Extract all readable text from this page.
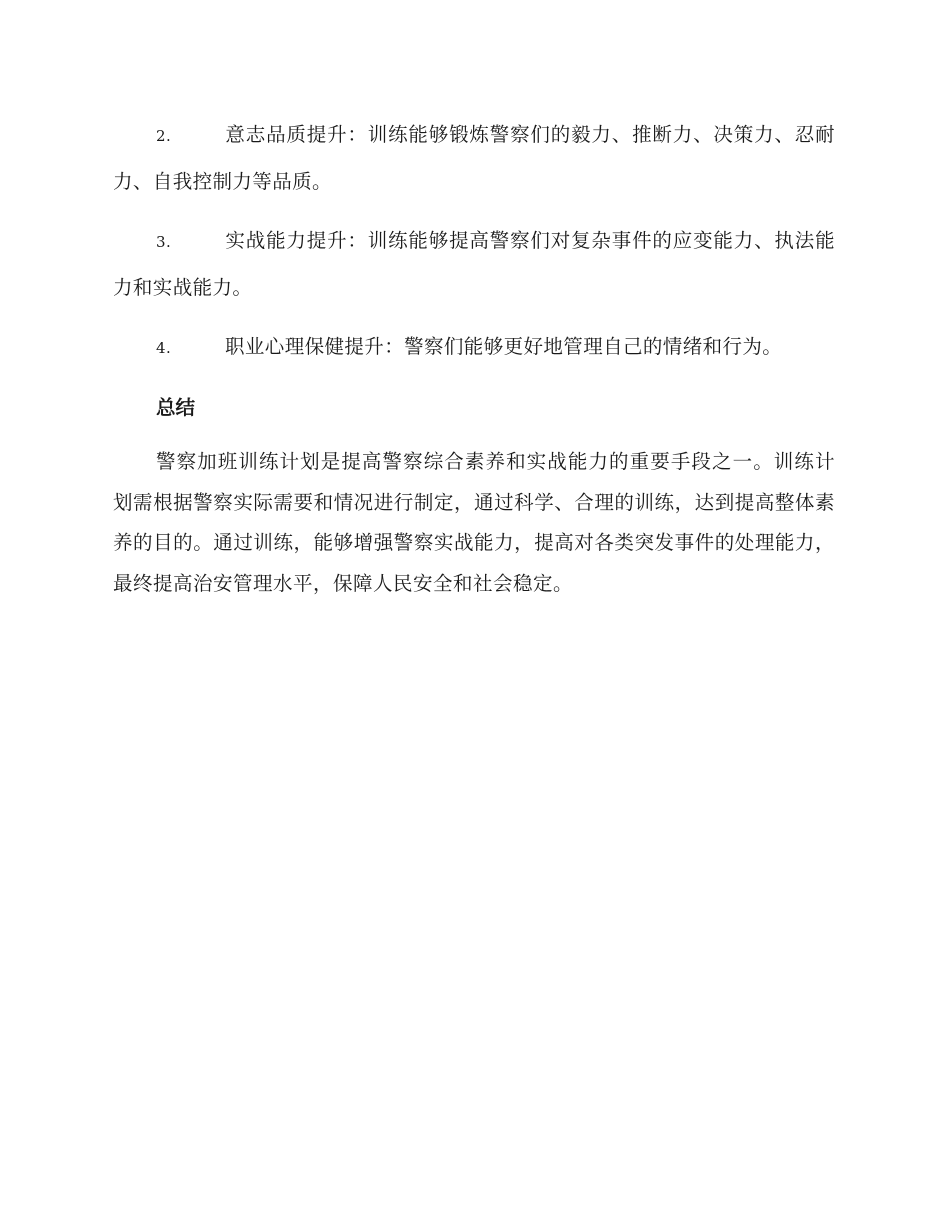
2.	意志品质提升：训练能够锻炼警察们的毅力、推断力、决策力、忍耐力、自我控制力等品质。

3.	实战能力提升：训练能够提高警察们对复杂事件的应变能力、执法能力和实战能力。

4.	职业心理保健提升：警察们能够更好地管理自己的情绪和行为。

总结

警察加班训练计划是提高警察综合素养和实战能力的重要手段之一。训练计划需根据警察实际需要和情况进行制定，通过科学、合理的训练，达到提高整体素养的目的。通过训练，能够增强警察实战能力，提高对各类突发事件的处理能力，最终提高治安管理水平，保障人民安全和社会稳定。
